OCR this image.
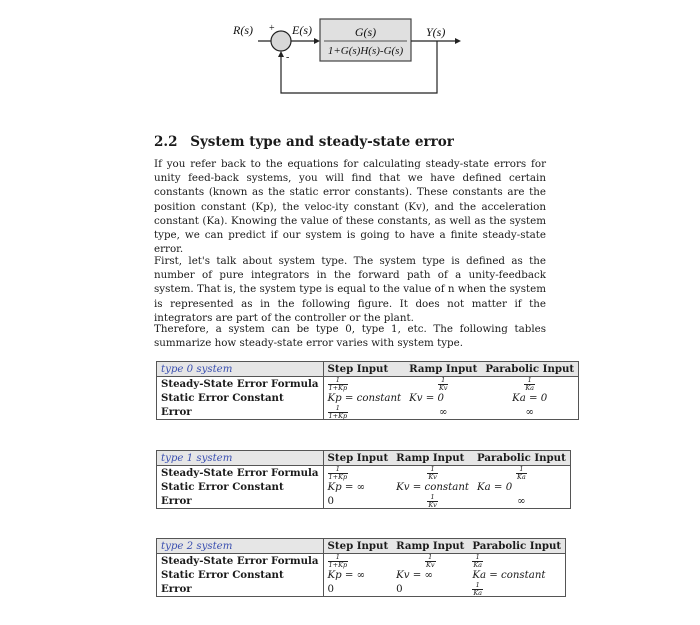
R(s) +
-
E(s)	G(s)
1+G(s)H(s)-G(s)
Y(s)
2.2 System type and steady-state error
If you refer back to the equations for calculating steady-state errors for unity feed-back systems, you will find that we have defined certain constants (known as the static error constants). These constants are the position constant (Kp), the veloc-ity constant (Kv), and the acceleration constant (Ka). Knowing the value of these constants, as well as the system type, we can predict if our system is going to have a finite steady-state error.
First, let's talk about system type. The system type is defined as the number of pure integrators in the forward path of a unity-feedback system. That is, the system type is equal to the value of n when the system is represented as in the following figure. It does not matter if the integrators are part of the controller or the plant.
Therefore, a system can be type 0, type 1, etc. The following tables summarize how steady-state error varies with system type.
type 0 system	Step Input	Ramp Input	Parabolic Input
Steady-State Error Formula	$\frac{1}{1+Kp}$	$\frac{1}{Kv}$	$\frac{1}{Ka}$

Static Error Constant	Kp = constant	Kv = 0	Ka = 0
Error	$\frac{1}{1+Kp}$	∞	∞
type 1 system	Step Input	Ramp Input	Parabolic Input
Steady-State Error Formula	$\frac{1}{1+Kp}$	$\frac{1}{Kv}$	$\frac{1}{Ka}$

Static Error Constant	Kp = ∞	Kv = constant	Ka = 0
Error	0	$\frac{1}{Kv}$	∞
type 2 system	Step Input	Ramp Input	Parabolic Input
Steady-State Error Formula	$\frac{1}{1+Kp}$	$\frac{1}{Kv}$	$\frac{1}{Ka}$

Static Error Constant	Kp = ∞	Kv = ∞	Ka = constant
Error	0	0	$\frac{1}{Ka}$
